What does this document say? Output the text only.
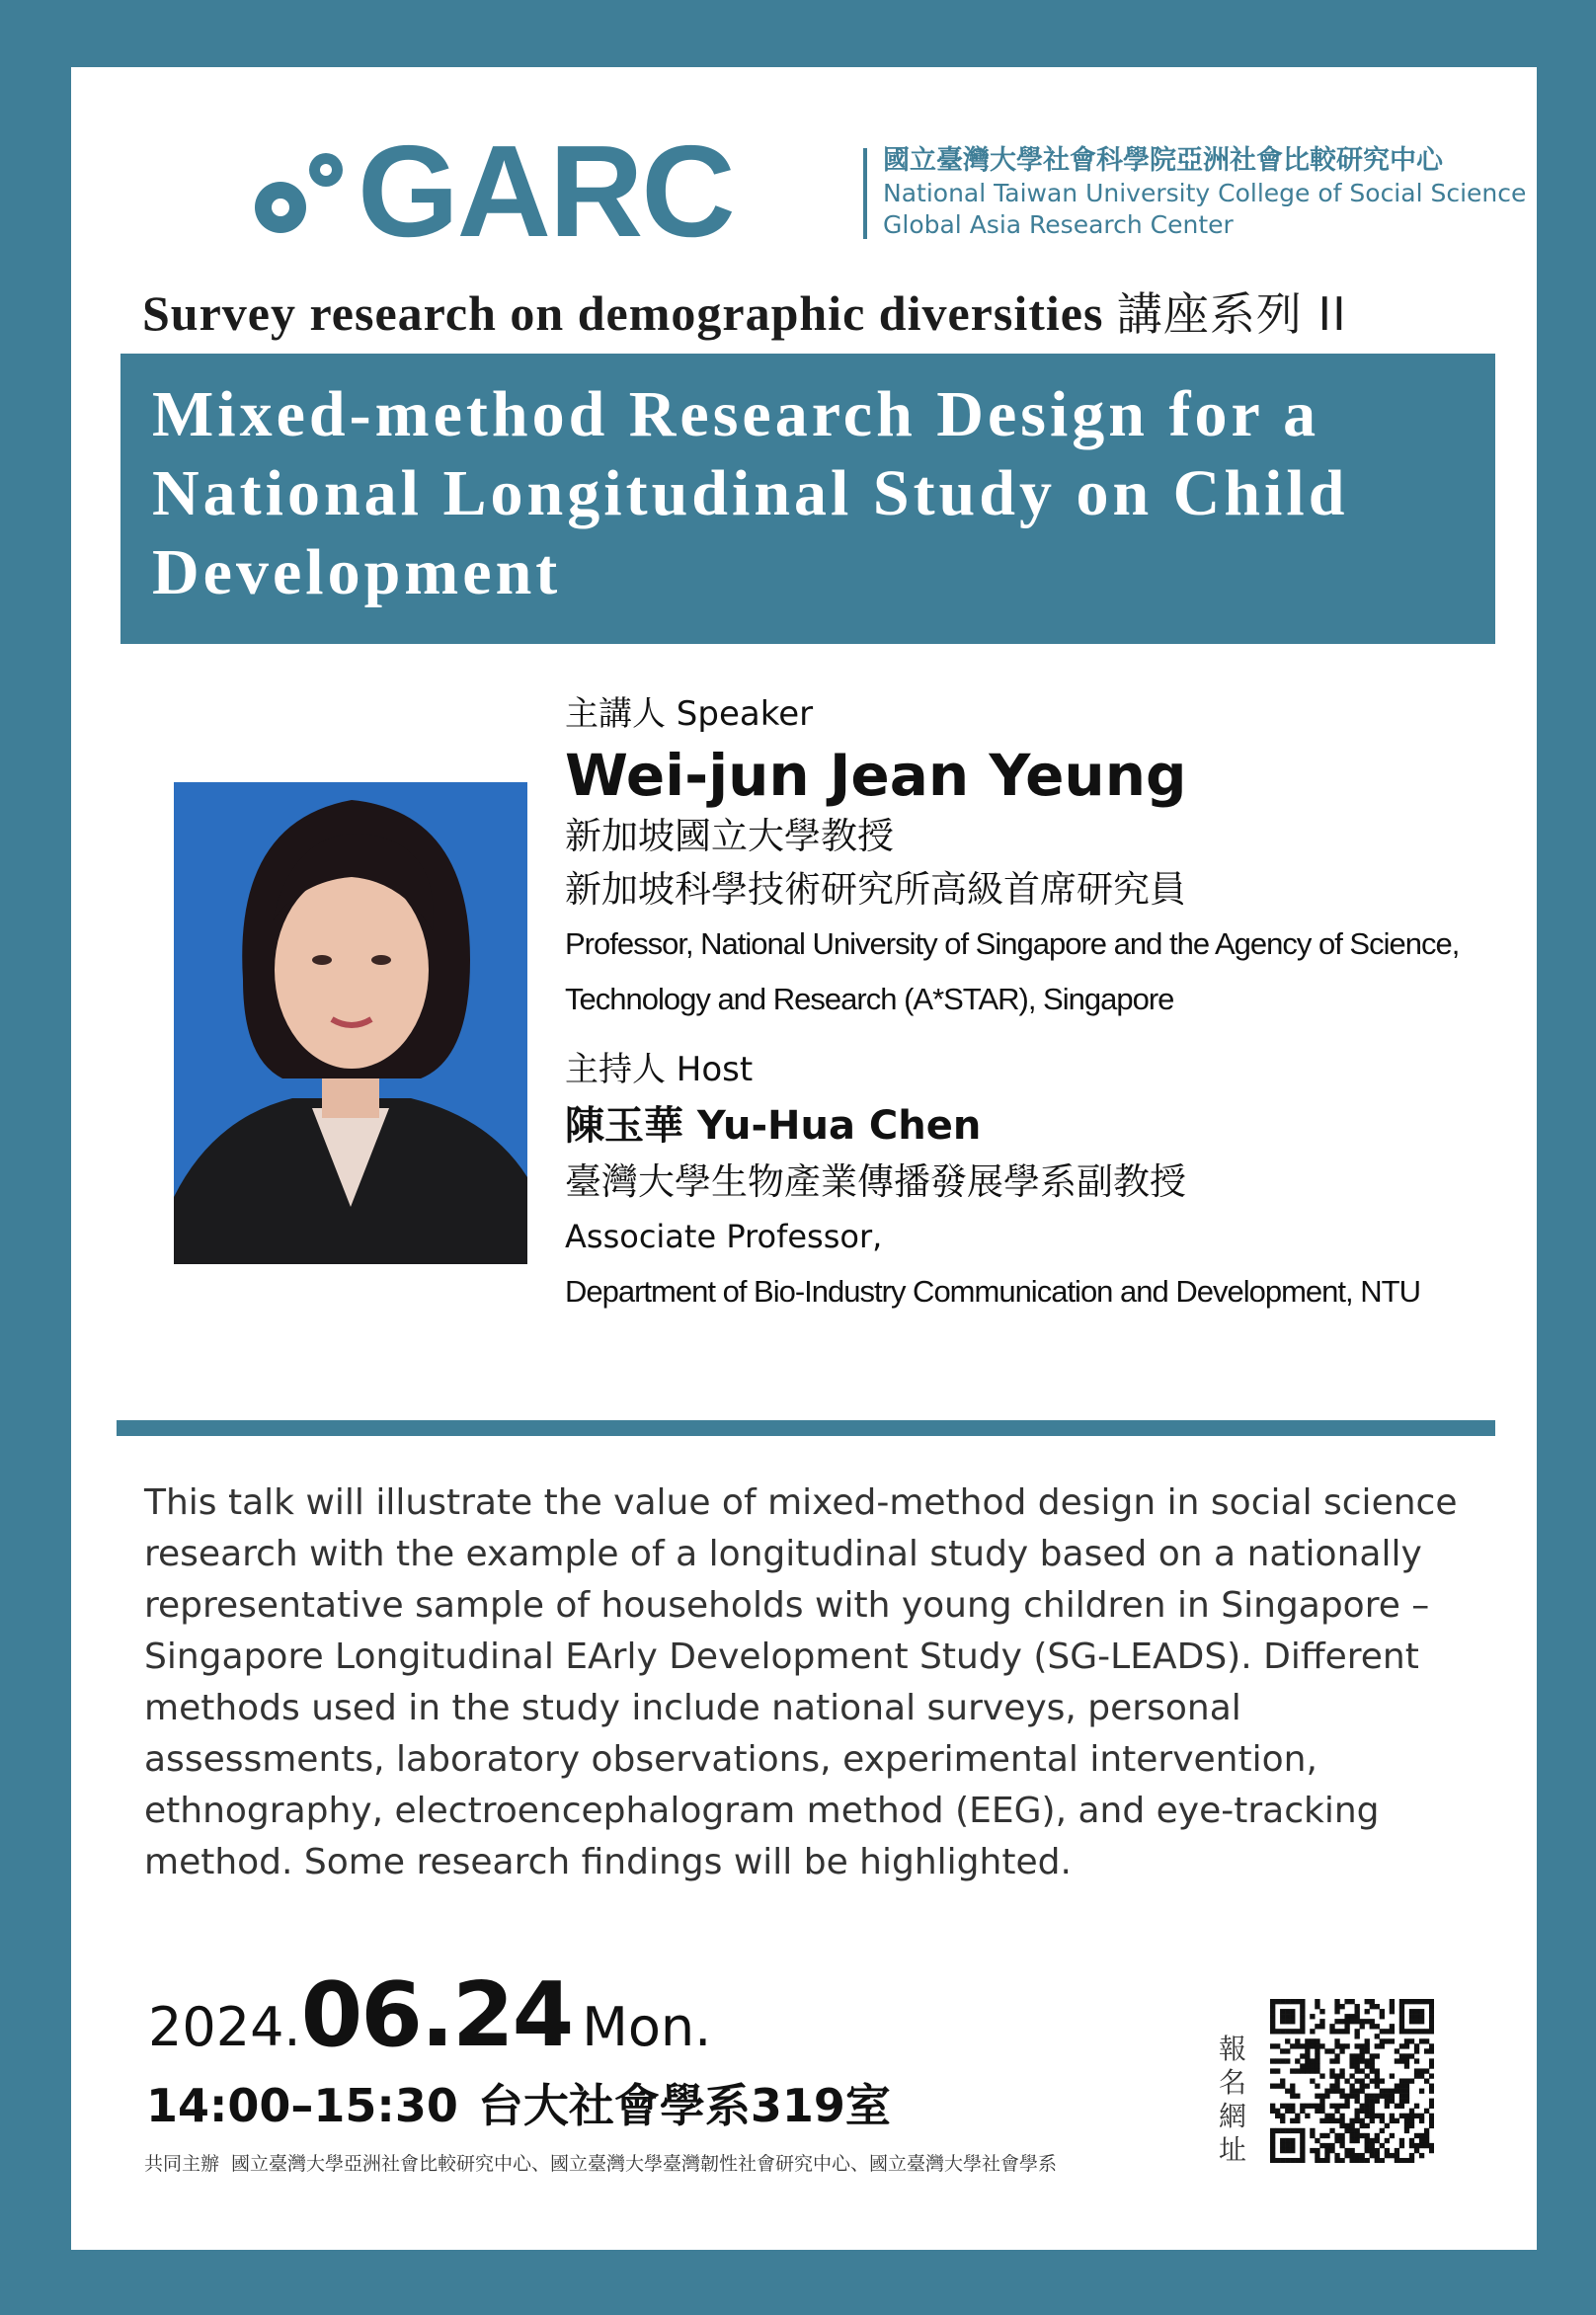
GARC	國立臺灣大學社會科學院亞洲社會比較研究中心
National Taiwan University College of Social Science
Global Asia Research Center
Survey research on demographic diversities 講座系列 II
Mixed-method Research Design for a National Longitudinal Study on Child Development
主講人 Speaker
Wei-jun Jean Yeung
新加坡國立大學教授
新加坡科學技術研究所高級首席研究員
Professor, National University of Singapore and the Agency of Science,
Technology and Research (A*STAR), Singapore
主持人 Host
陳玉華 Yu-Hua Chen
臺灣大學生物產業傳播發展學系副教授
Associate Professor,
Department of Bio-Industry Communication and Development, NTU

This talk will illustrate the value of mixed-method design in social science research with the example of a longitudinal study based on a nationally representative sample of households with young children in Singapore – Singapore Longitudinal EArly Development Study (SG-LEADS). Different methods used in the study include national surveys, personal assessments, laboratory observations, experimental intervention, ethnography, electroencephalogram method (EEG), and eye-tracking method. Some research findings will be highlighted.

2024.06.24 Mon.
14:00–15:30 台大社會學系319室
共同主辦 國立臺灣大學亞洲社會比較研究中心、國立臺灣大學臺灣韌性社會研究中心、國立臺灣大學社會學系
報名網址
